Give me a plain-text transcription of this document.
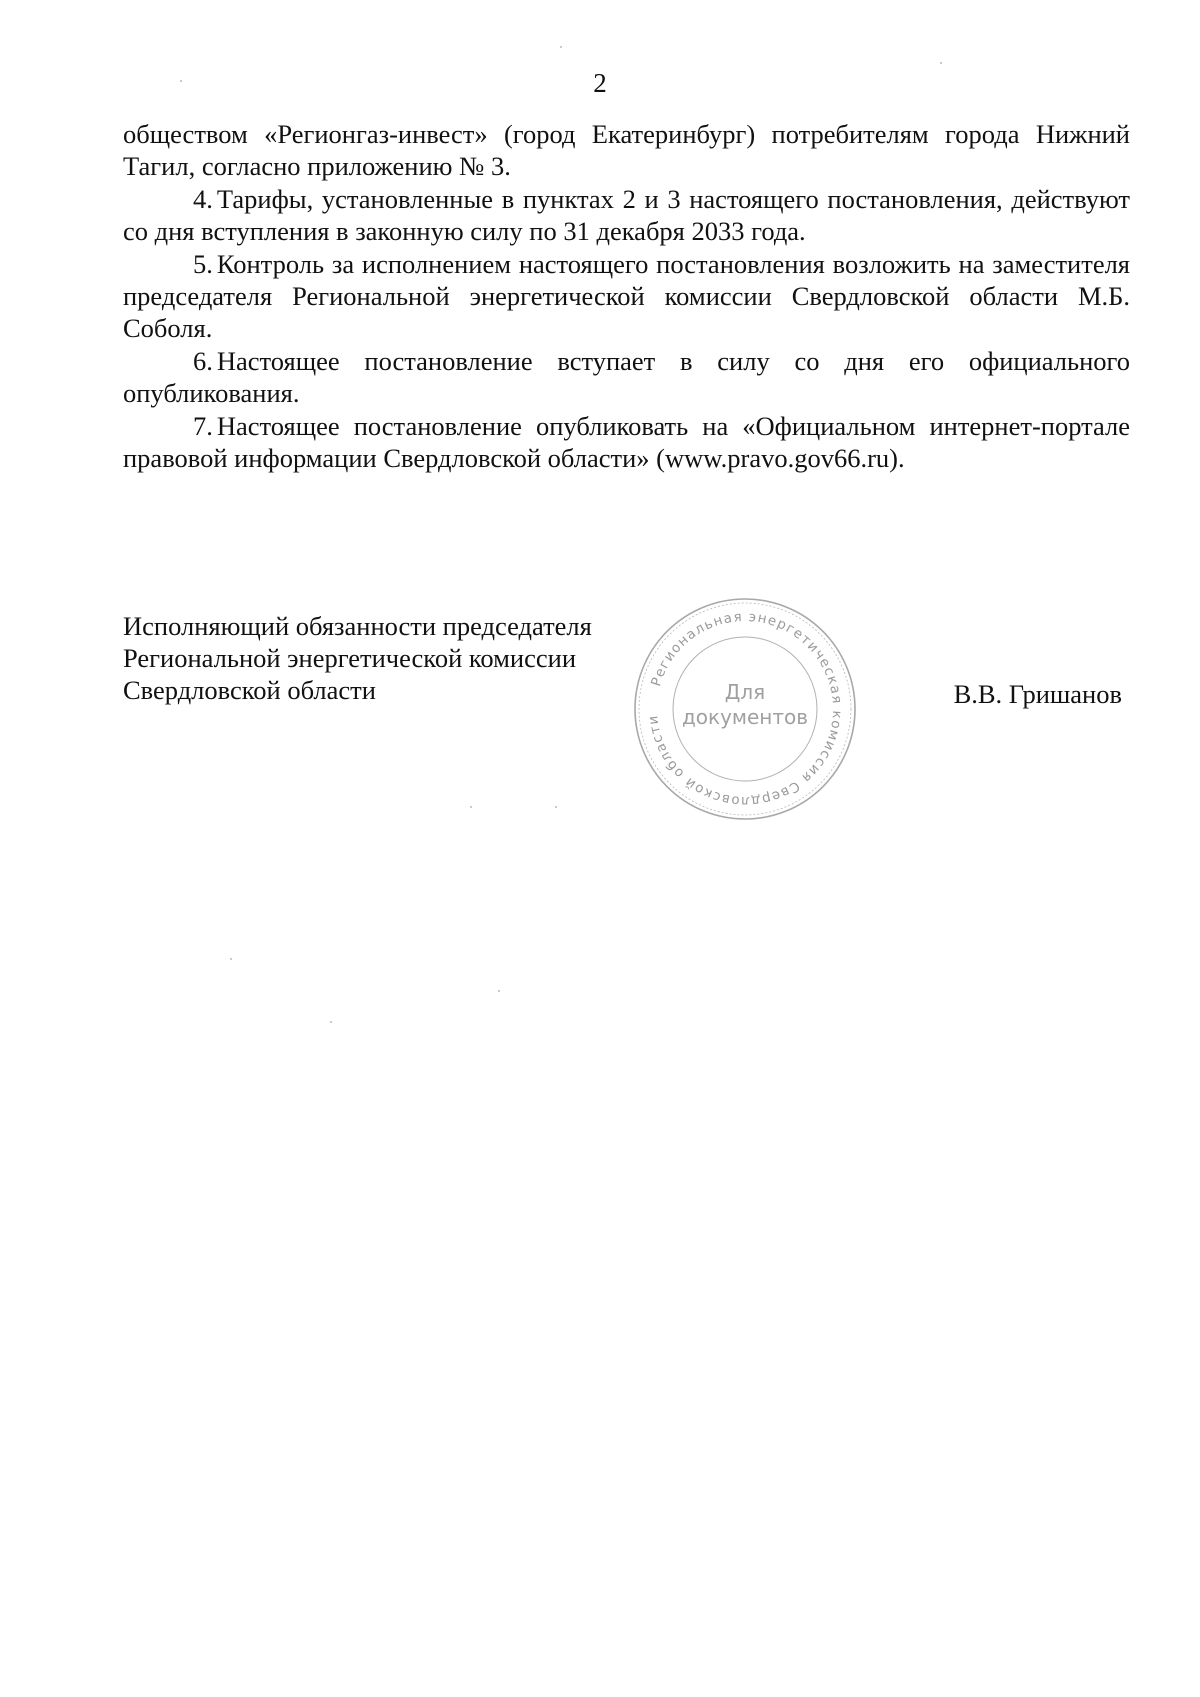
2

обществом «Регионгаз-инвест» (город Екатеринбург) потребителям города Нижний Тагил, согласно приложению № 3.

4. Тарифы, установленные в пунктах 2 и 3 настоящего постановления, действуют со дня вступления в законную силу по 31 декабря 2033 года.

5. Контроль за исполнением настоящего постановления возложить на заместителя председателя Региональной энергетической комиссии Свердловской области М.Б. Соболя.

6. Настоящее постановление вступает в силу со дня его официального опубликования.

7. Настоящее постановление опубликовать на «Официальном интернет-портале правовой информации Свердловской области» (www.pravo.gov66.ru).

Исполняющий обязанности председателя
Региональной энергетической комиссии
Свердловской области	В.В. Гришанов
Региональная энергетическая комиссия Свердловской области
Для
документов
